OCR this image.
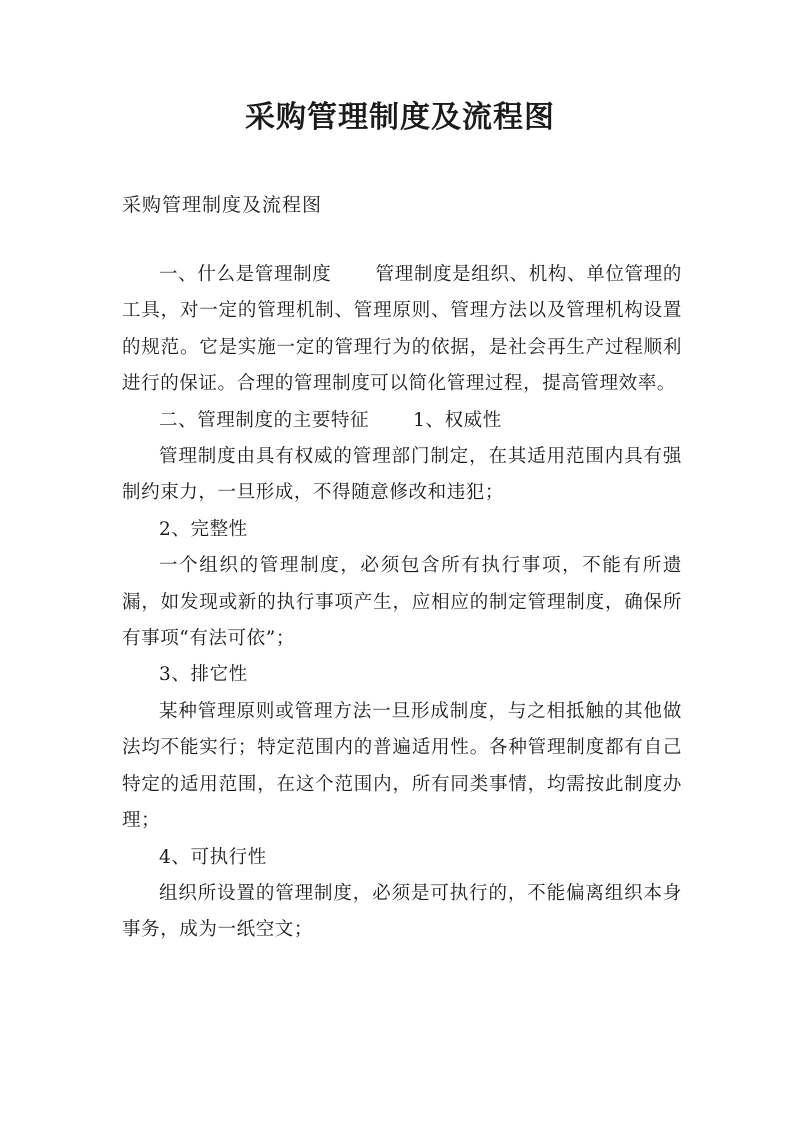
采购管理制度及流程图
采购管理制度及流程图

一、什么是管理制度 管理制度是组织、机构、单位管理的工具，对一定的管理机制、管理原则、管理方法以及管理机构设置的规范。它是实施一定的管理行为的依据，是社会再生产过程顺利进行的保证。合理的管理制度可以简化管理过程，提高管理效率。

二、管理制度的主要特征 1、权威性

管理制度由具有权威的管理部门制定，在其适用范围内具有强制约束力，一旦形成，不得随意修改和违犯；

2、完整性

一个组织的管理制度，必须包含所有执行事项，不能有所遗漏，如发现或新的执行事项产生，应相应的制定管理制度，确保所有事项“有法可依”；

3、排它性

某种管理原则或管理方法一旦形成制度，与之相抵触的其他做法均不能实行；特定范围内的普遍适用性。各种管理制度都有自己特定的适用范围，在这个范围内，所有同类事情，均需按此制度办理；

4、可执行性

组织所设置的管理制度，必须是可执行的，不能偏离组织本身事务，成为一纸空文；
